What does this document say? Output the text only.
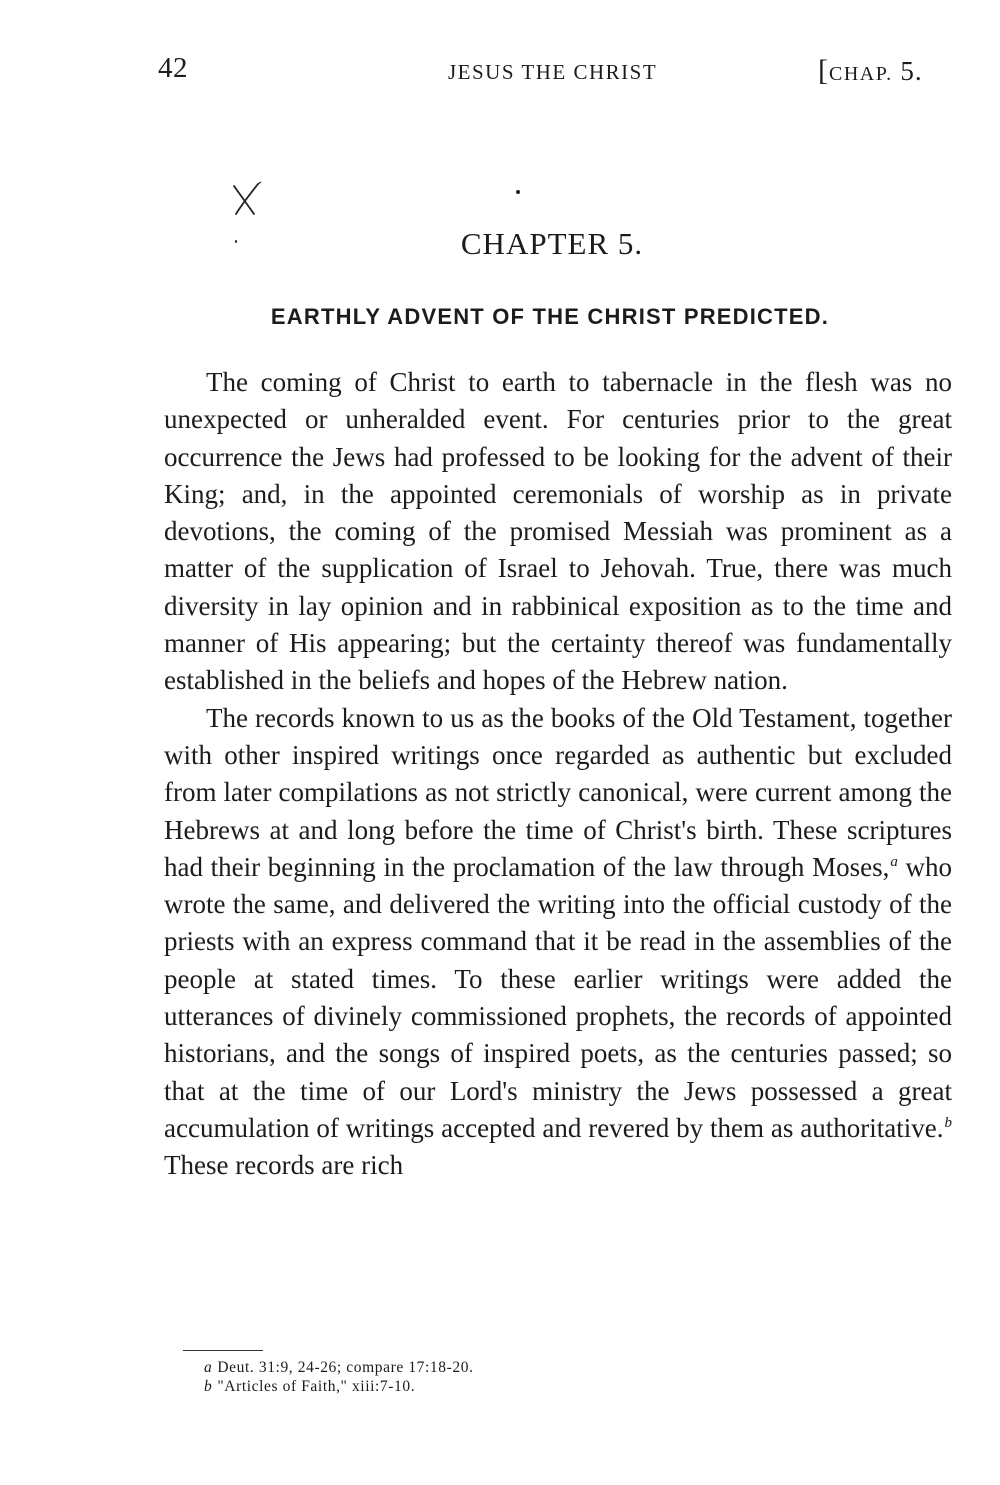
42	JESUS THE CHRIST	[CHAP. 5.
CHAPTER 5.
EARTHLY ADVENT OF THE CHRIST PREDICTED.

The coming of Christ to earth to tabernacle in the flesh was no unexpected or unheralded event. For centuries prior to the great occurrence the Jews had professed to be looking for the advent of their King; and, in the appointed ceremonials of worship as in private devotions, the coming of the promised Messiah was prominent as a matter of the supplication of Israel to Jehovah. True, there was much diversity in lay opinion and in rabbinical exposition as to the time and manner of His appearing; but the certainty thereof was fundamentally established in the beliefs and hopes of the Hebrew nation.

The records known to us as the books of the Old Testament, together with other inspired writings once regarded as authentic but excluded from later compilations as not strictly canonical, were current among the Hebrews at and long before the time of Christ's birth. These scriptures had their beginning in the proclamation of the law through Moses,$^a$ who wrote the same, and delivered the writing into the official custody of the priests with an express command that it be read in the assemblies of the people at stated times. To these earlier writings were added the utterances of divinely commissioned prophets, the records of appointed historians, and the songs of inspired poets, as the centuries passed; so that at the time of our Lord's ministry the Jews possessed a great accumulation of writings accepted and revered by them as authoritative.$^b$ These records are rich

a Deut. 31:9, 24-26; compare 17:18-20.
b "Articles of Faith," xiii:7-10.
